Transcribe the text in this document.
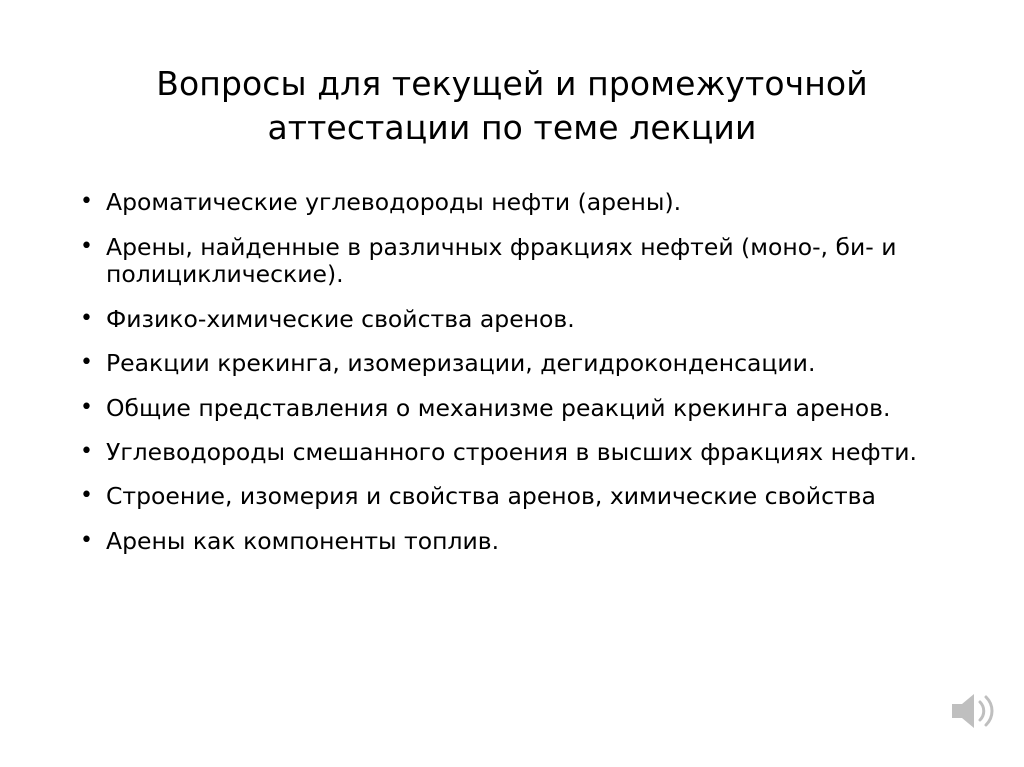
Вопросы для текущей и промежуточной аттестации по теме лекции
• Ароматические углеводороды нефти (арены).
• Арены, найденные в различных фракциях нефтей (моно-, би- и полициклические).
• Физико-химические свойства аренов.
• Реакции крекинга, изомеризации, дегидроконденсации.
• Общие представления о механизме реакций крекинга аренов.
• Углеводороды смешанного строения в высших фракциях нефти.
• Строение, изомерия и свойства аренов, химические свойства
• Арены как компоненты топлив.
